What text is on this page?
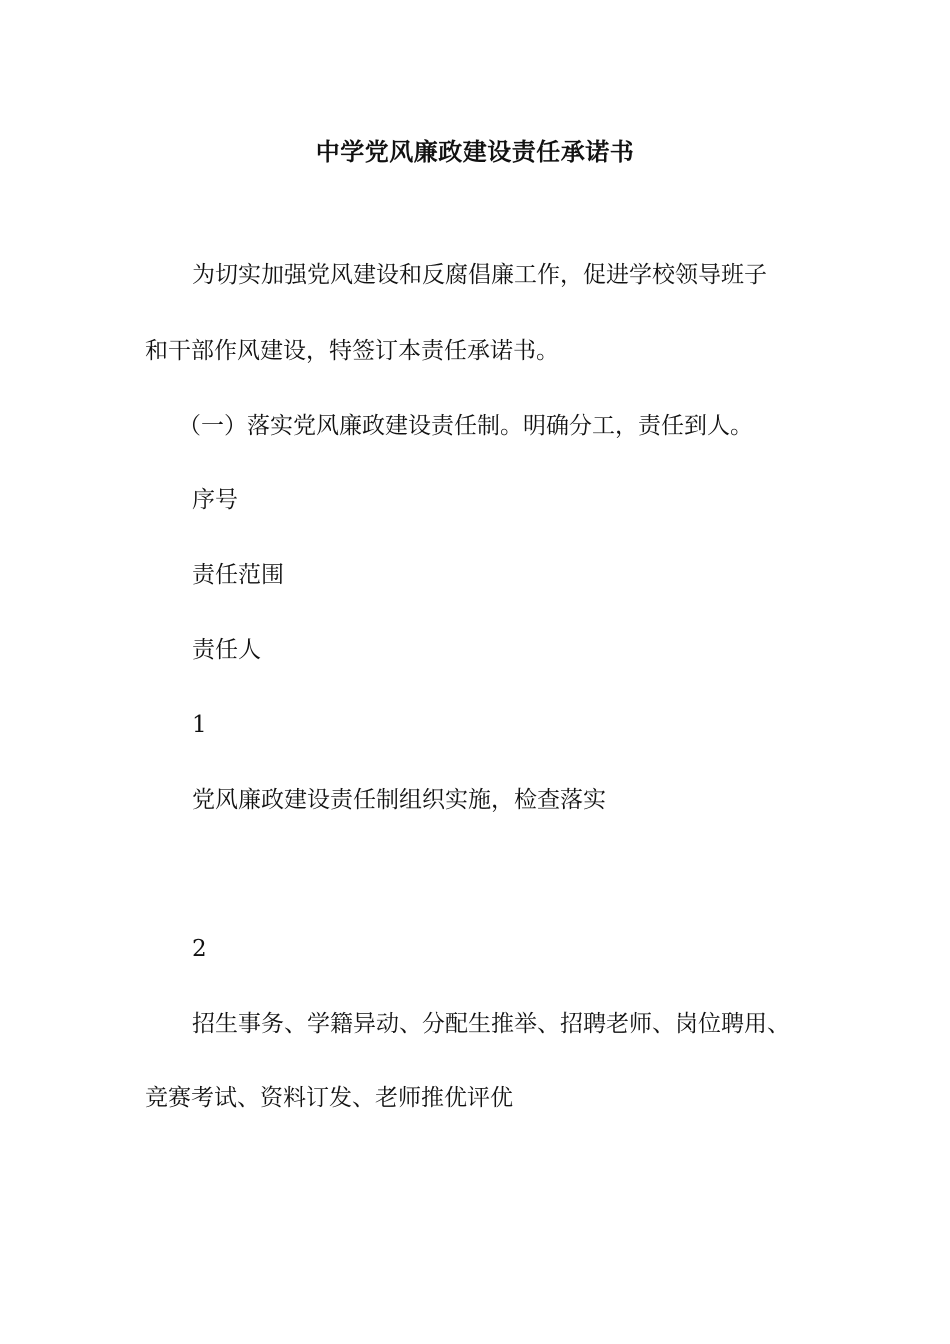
中学党风廉政建设责任承诺书
为切实加强党风建设和反腐倡廉工作，促进学校领导班子
和干部作风建设，特签订本责任承诺书。
（一）落实党风廉政建设责任制。明确分工，责任到人。
序号
责任范围
责任人
1
党风廉政建设责任制组织实施，检查落实
2
招生事务、学籍异动、分配生推举、招聘老师、岗位聘用、
竞赛考试、资料订发、老师推优评优
